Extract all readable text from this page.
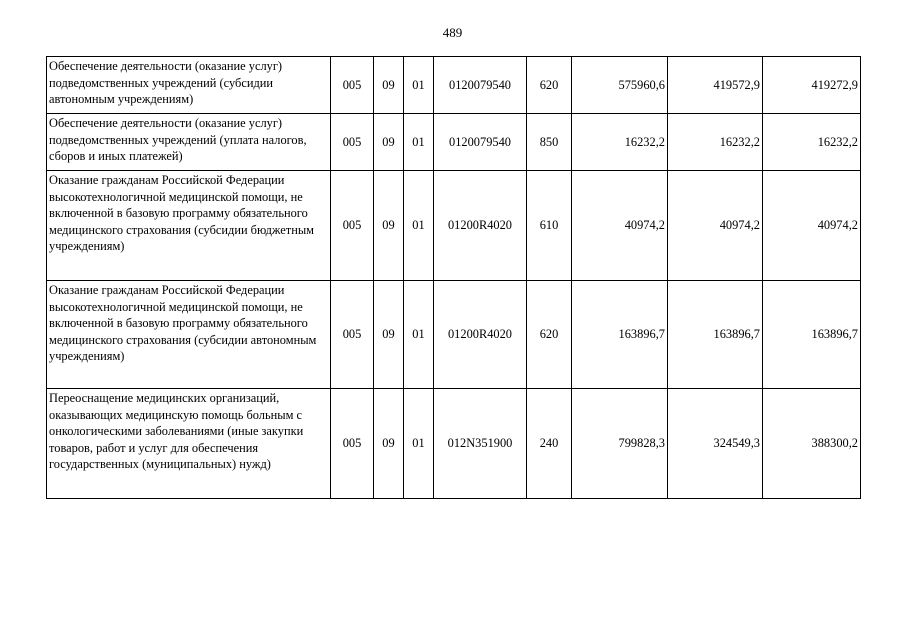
489
Обеспечение деятельности (оказание услуг) подведомственных учреждений (субсидии автономным учреждениям)	005	09	01	0120079540	620	575960,6	419572,9	419272,9
Обеспечение деятельности (оказание услуг) подведомственных учреждений (уплата налогов, сборов и иных платежей)	005	09	01	0120079540	850	16232,2	16232,2	16232,2
Оказание гражданам Российской Федерации высокотехнологичной медицинской помощи, не включенной в базовую программу обязательного медицинского страхования (субсидии бюджетным учреждениям)	005	09	01	01200R4020	610	40974,2	40974,2	40974,2
Оказание гражданам Российской Федерации высокотехнологичной медицинской помощи, не включенной в базовую программу обязательного медицинского страхования (субсидии автономным учреждениям)	005	09	01	01200R4020	620	163896,7	163896,7	163896,7
Переоснащение медицинских организаций, оказывающих медицинскую помощь больным с онкологическими заболеваниями (иные закупки товаров, работ и услуг для обеспечения государственных (муниципальных) нужд)	005	09	01	012N351900	240	799828,3	324549,3	388300,2
